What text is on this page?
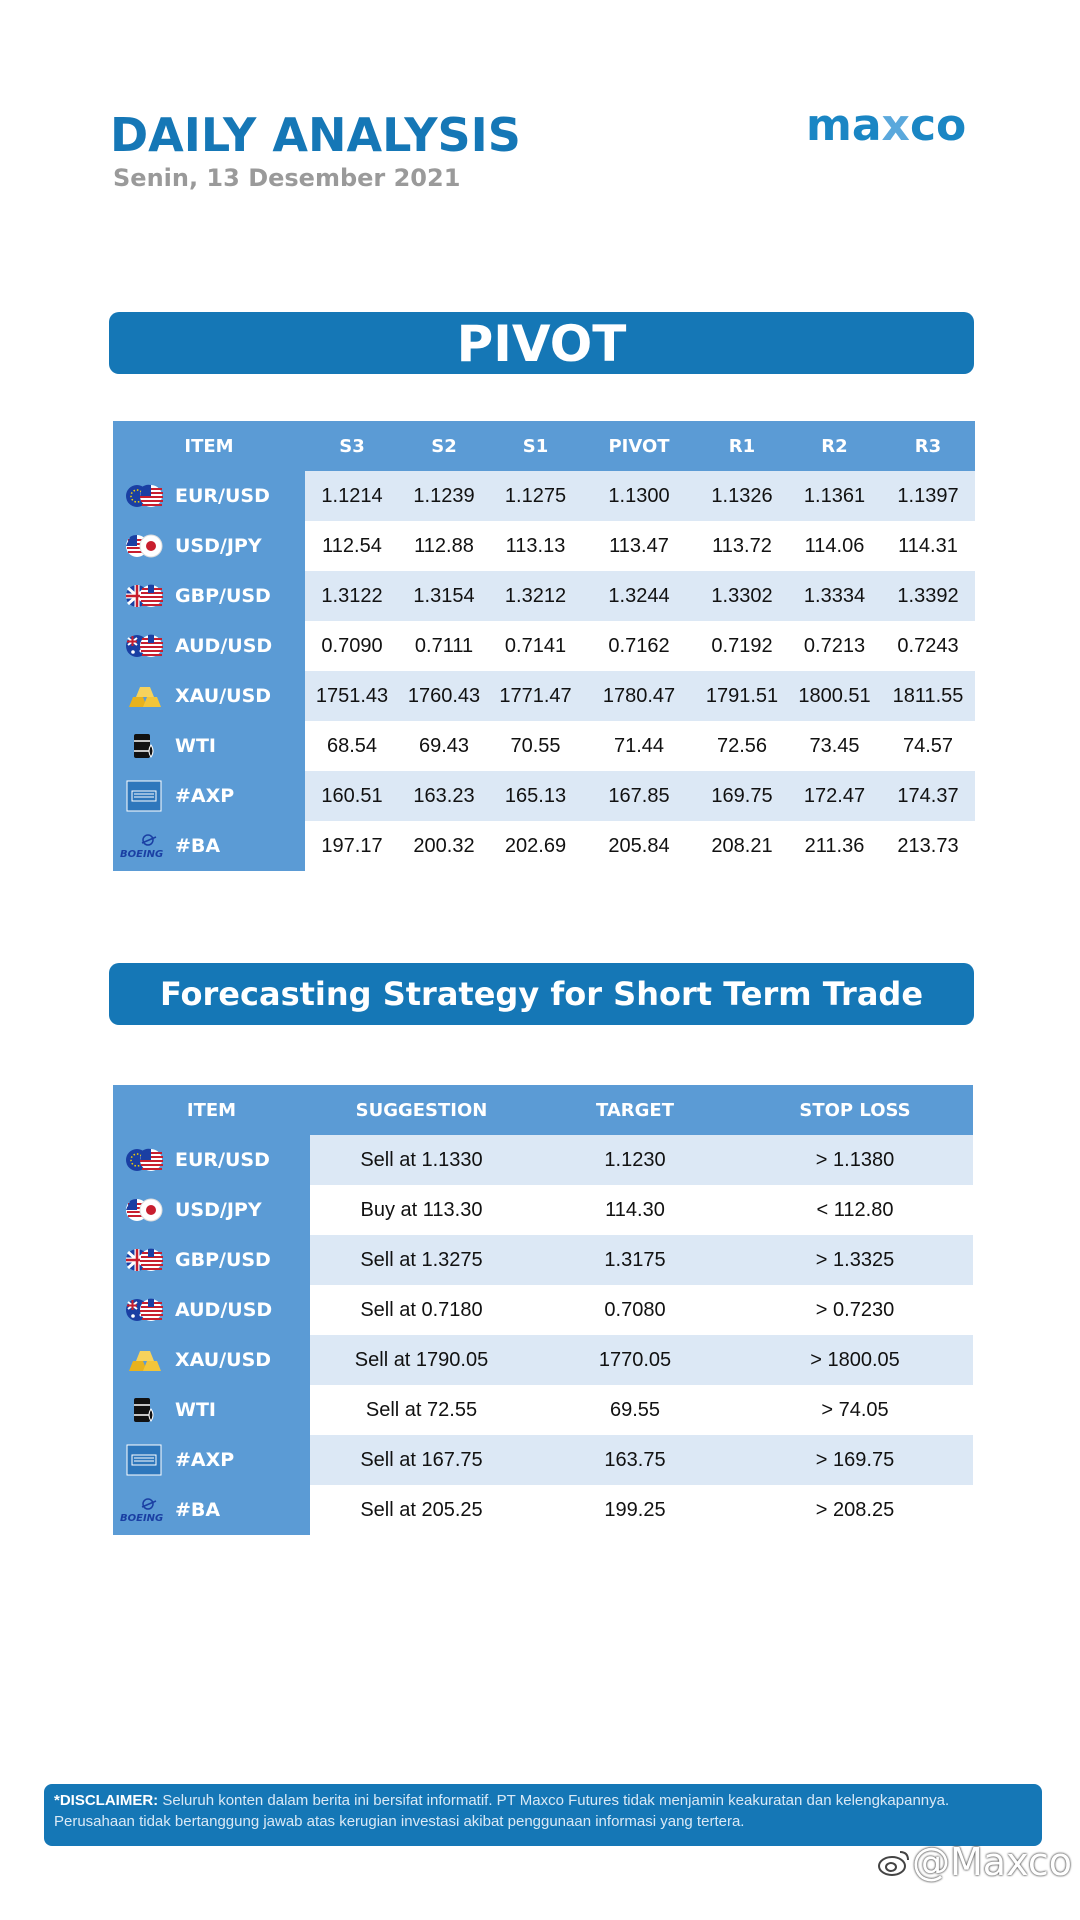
DAILY ANALYSIS
Senin, 13 Desember 2021
maxco
PIVOT
ITEM	S3	S2	S1	PIVOT	R1	R2	R3

EUR/USD	1.1214	1.1239	1.1275	1.1300	1.1326	1.1361	1.1397

USD/JPY	112.54	112.88	113.13	113.47	113.72	114.06	114.31

GBP/USD	1.3122	1.3154	1.3212	1.3244	1.3302	1.3334	1.3392

AUD/USD	0.7090	0.7111	0.7141	0.7162	0.7192	0.7213	0.7243

XAU/USD	1751.43	1760.43	1771.47	1780.47	1791.51	1800.51	1811.55

WTI	68.54	69.43	70.55	71.44	72.56	73.45	74.57

#AXP	160.51	163.23	165.13	167.85	169.75	172.47	174.37

BOEING #BA	197.17	200.32	202.69	205.84	208.21	211.36	213.73
Forecasting Strategy for Short Term Trade
ITEM	SUGGESTION	TARGET	STOP LOSS

EUR/USD	Sell at 1.1330	1.1230	> 1.1380

USD/JPY	Buy at 113.30	114.30	< 112.80

GBP/USD	Sell at 1.3275	1.3175	> 1.3325

AUD/USD	Sell at 0.7180	0.7080	> 0.7230

XAU/USD	Sell at 1790.05	1770.05	> 1800.05

WTI	Sell at 72.55	69.55	> 74.05

#AXP	Sell at 167.75	163.75	> 169.75

BOEING #BA	Sell at 205.25	199.25	> 208.25
*DISCLAIMER: Seluruh konten dalam berita ini bersifat informatif. PT Maxco Futures tidak menjamin keakuratan dan kelengkapannya. Perusahaan tidak bertanggung jawab atas kerugian investasi akibat penggunaan informasi yang tertera.
@Maxco
